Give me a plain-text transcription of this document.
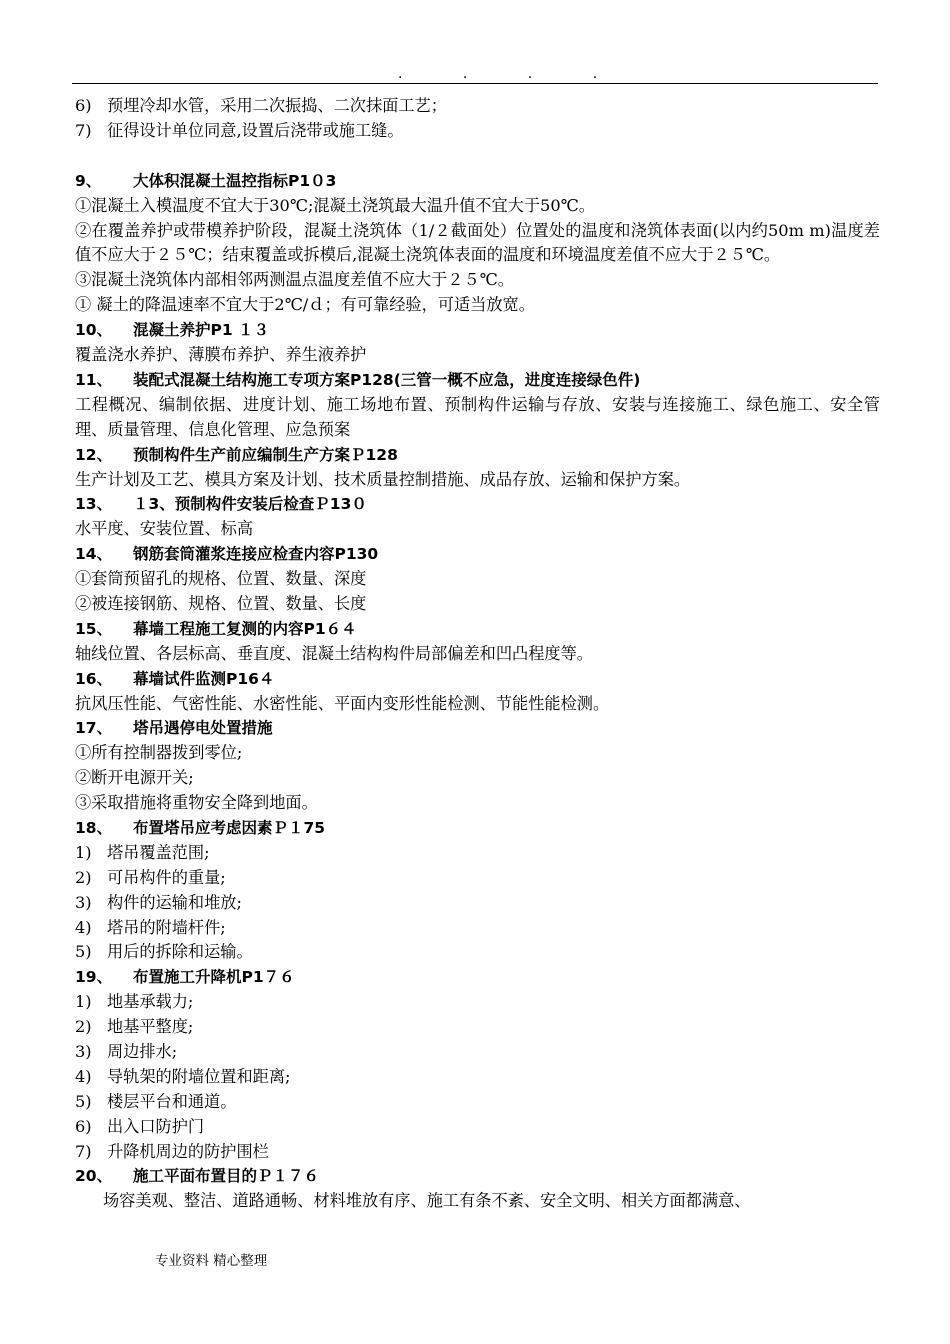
. . . .
6) 预埋冷却水管，采用二次振捣、二次抹面工艺；
7) 征得设计单位同意,设置后浇带或施工缝。
9、 大体积混凝土温控指标P1０3
①混凝土入模温度不宜大于30℃;混凝土浇筑最大温升值不宜大于50℃。
②在覆盖养护或带模养护阶段，混凝土浇筑体（1/２截面处）位置处的温度和浇筑体表面(以内约50m m)温度差值不应大于２５℃；结束覆盖或拆模后,混凝土浇筑体表面的温度和环境温度差值不应大于２５℃。
③混凝土浇筑体内部相邻两测温点温度差值不应大于２５℃。
① 凝土的降温速率不宜大于2℃/ｄ；有可靠经验，可适当放宽。
10、 混凝土养护P1 １３
覆盖浇水养护、薄膜布养护、养生液养护
11、 装配式混凝土结构施工专项方案P128(三管一概不应急，进度连接绿色件)
工程概况、编制依据、进度计划、施工场地布置、预制构件运输与存放、安装与连接施工、绿色施工、安全管理、质量管理、信息化管理、应急预案
12、 预制构件生产前应编制生产方案Ｐ128
生产计划及工艺、模具方案及计划、技术质量控制措施、成品存放、运输和保护方案。
13、 １3、预制构件安装后检查Ｐ13０
水平度、安装位置、标高
14、 钢筋套筒灌浆连接应检查内容P130
①套筒预留孔的规格、位置、数量、深度
②被连接钢筋、规格、位置、数量、长度
15、 幕墙工程施工复测的内容P1６４
轴线位置、各层标高、垂直度、混凝土结构构件局部偏差和凹凸程度等。
16、 幕墙试件监测P16４
抗风压性能、气密性能、水密性能、平面内变形性能检测、节能性能检测。
17、 塔吊遇停电处置措施
①所有控制器拨到零位;
②断开电源开关;
③采取措施将重物安全降到地面。
18、 布置塔吊应考虑因素Ｐ１75
1) 塔吊覆盖范围;
2) 可吊构件的重量;
3) 构件的运输和堆放;
4) 塔吊的附墙杆件;
5) 用后的拆除和运输。
19、 布置施工升降机P1７６
1) 地基承载力;
2) 地基平整度;
3) 周边排水;
4) 导轨架的附墙位置和距离;
5) 楼层平台和通道。
6) 出入口防护门
7) 升降机周边的防护围栏
20、 施工平面布置目的Ｐ１７６
场容美观、整洁、道路通畅、材料堆放有序、施工有条不紊、安全文明、相关方面都满意、
专业资料 精心整理
